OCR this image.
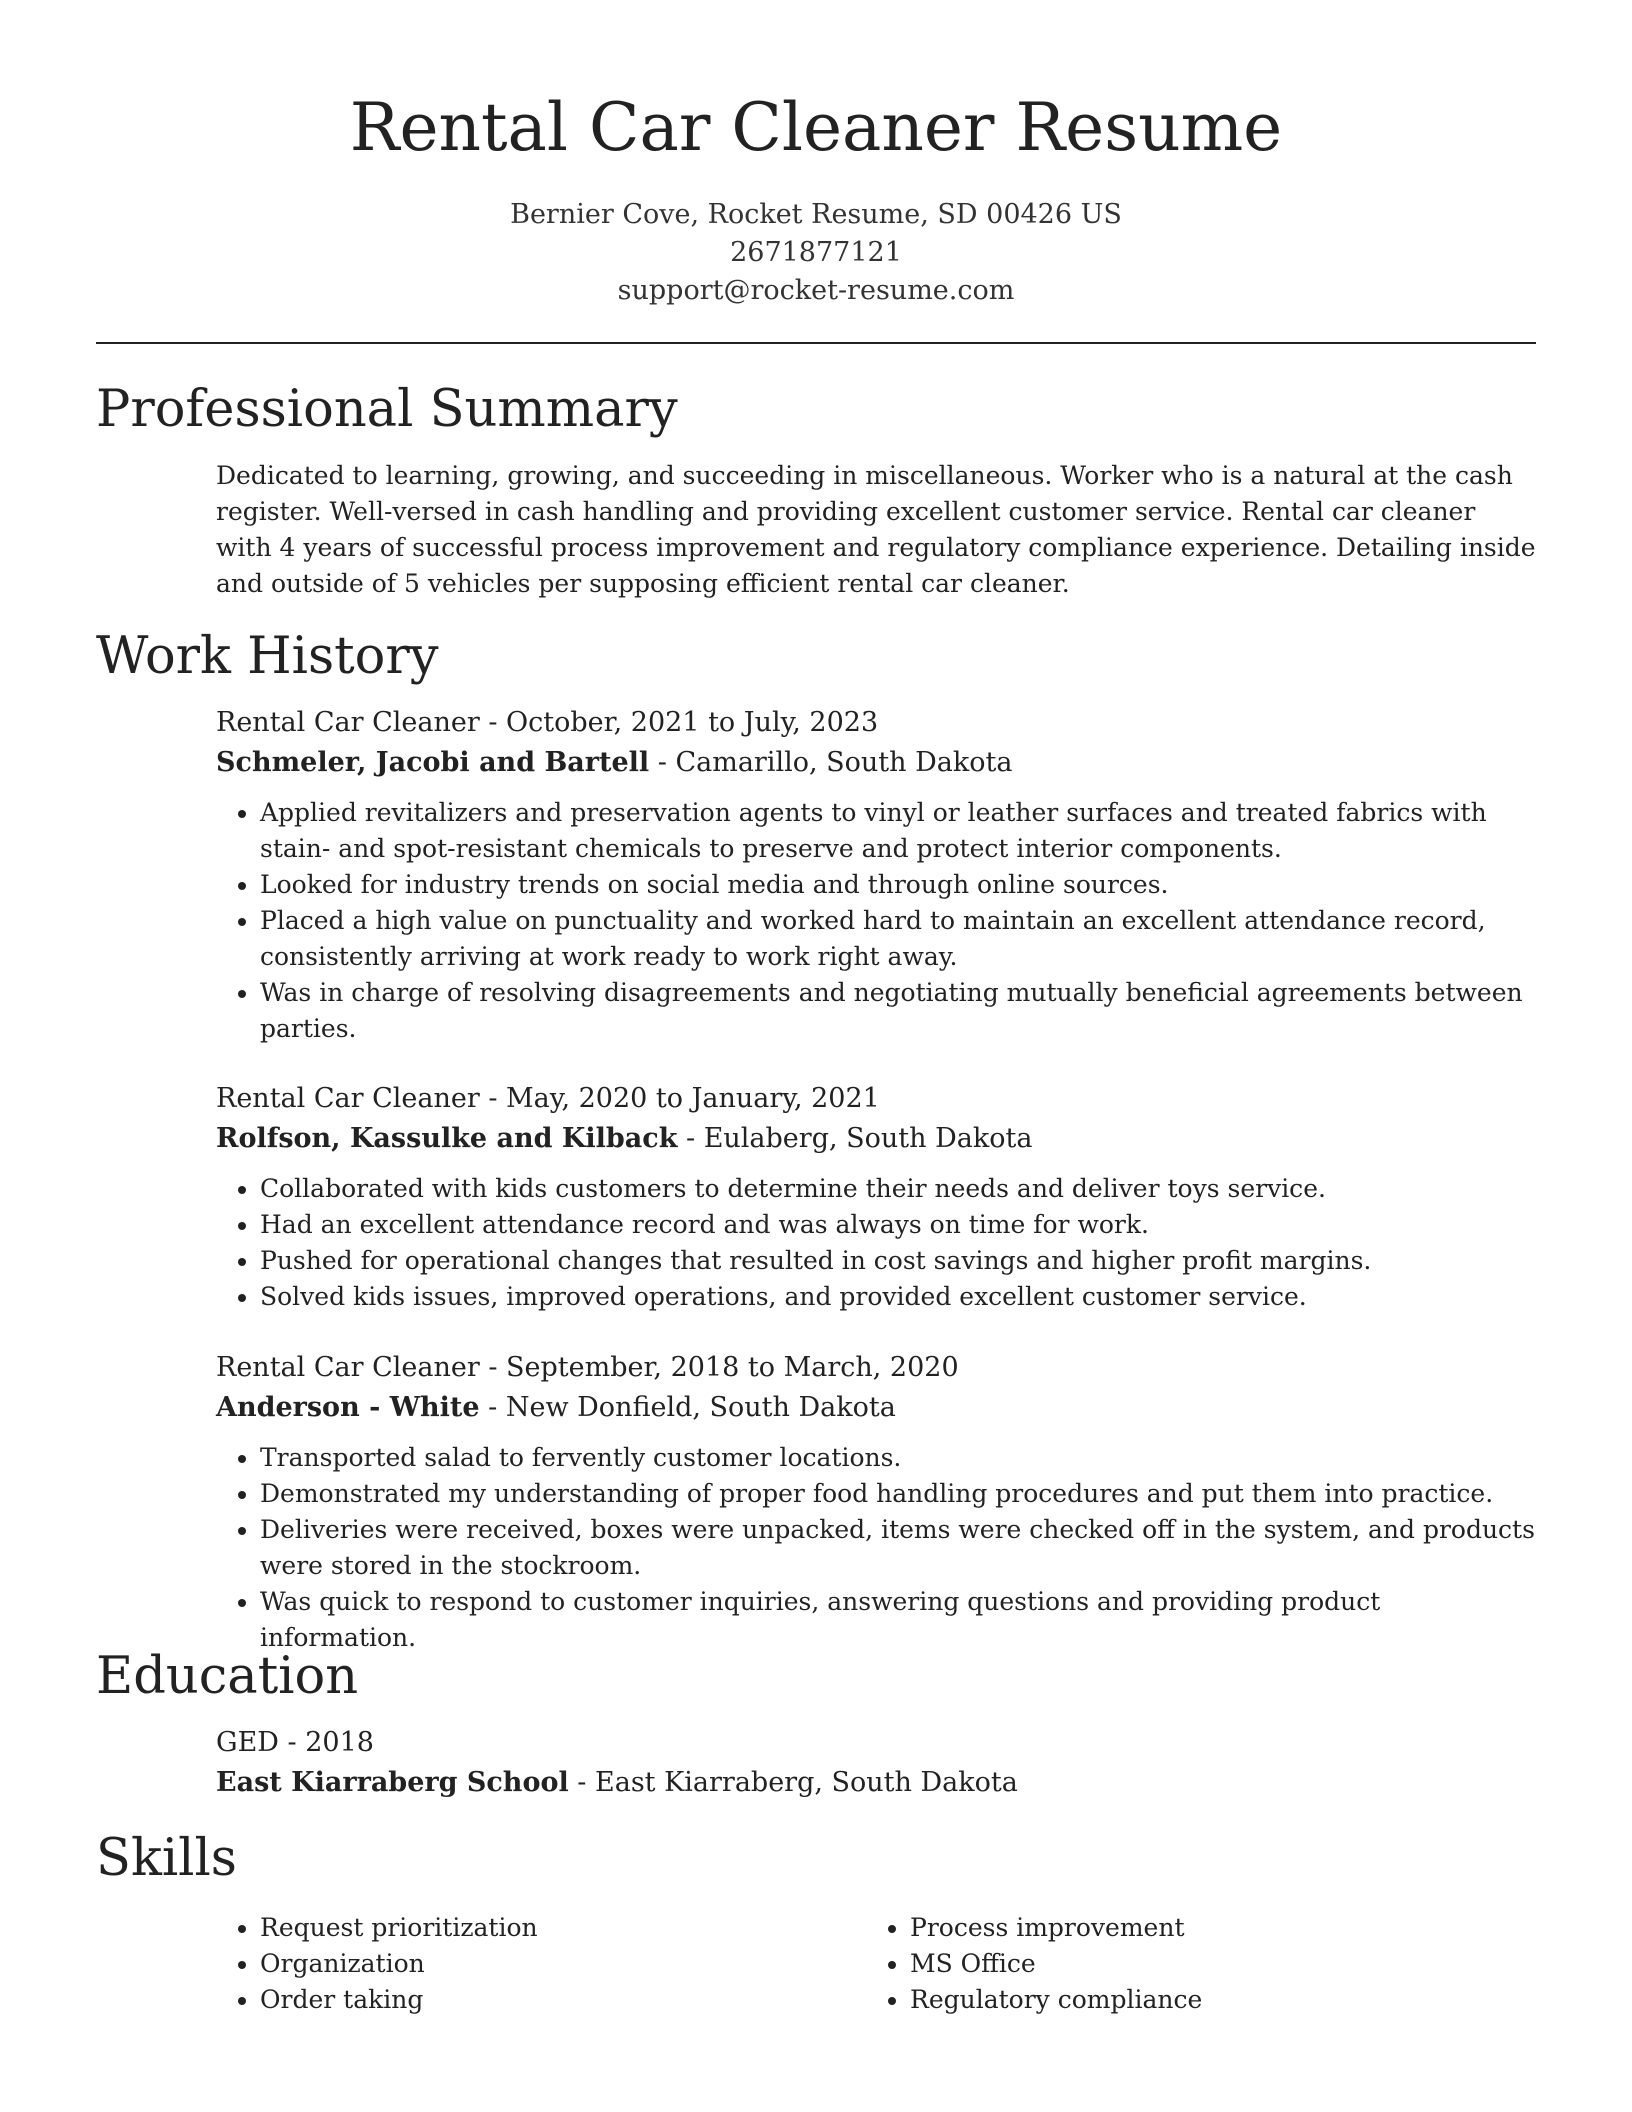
Rental Car Cleaner Resume
Bernier Cove, Rocket Resume, SD 00426 US
2671877121
support@rocket-resume.com
Professional Summary
Dedicated to learning, growing, and succeeding in miscellaneous. Worker who is a natural at the cash register. Well-versed in cash handling and providing excellent customer service. Rental car cleaner with 4 years of successful process improvement and regulatory compliance experience. Detailing inside and outside of 5 vehicles per supposing efficient rental car cleaner.
Work History
Rental Car Cleaner - October, 2021 to July, 2023
Schmeler, Jacobi and Bartell - Camarillo, South Dakota
• Applied revitalizers and preservation agents to vinyl or leather surfaces and treated fabrics with stain- and spot-resistant chemicals to preserve and protect interior components.
• Looked for industry trends on social media and through online sources.
• Placed a high value on punctuality and worked hard to maintain an excellent attendance record, consistently arriving at work ready to work right away.
• Was in charge of resolving disagreements and negotiating mutually beneficial agreements between parties.
Rental Car Cleaner - May, 2020 to January, 2021
Rolfson, Kassulke and Kilback - Eulaberg, South Dakota
• Collaborated with kids customers to determine their needs and deliver toys service.
• Had an excellent attendance record and was always on time for work.
• Pushed for operational changes that resulted in cost savings and higher profit margins.
• Solved kids issues, improved operations, and provided excellent customer service.
Rental Car Cleaner - September, 2018 to March, 2020
Anderson - White - New Donfield, South Dakota
• Transported salad to fervently customer locations.
• Demonstrated my understanding of proper food handling procedures and put them into practice.
• Deliveries were received, boxes were unpacked, items were checked off in the system, and products were stored in the stockroom.
• Was quick to respond to customer inquiries, answering questions and providing product information.
Education
GED - 2018
East Kiarraberg School - East Kiarraberg, South Dakota
Skills
• Request prioritization
• Organization
• Order taking
• Process improvement
• MS Office
• Regulatory compliance
